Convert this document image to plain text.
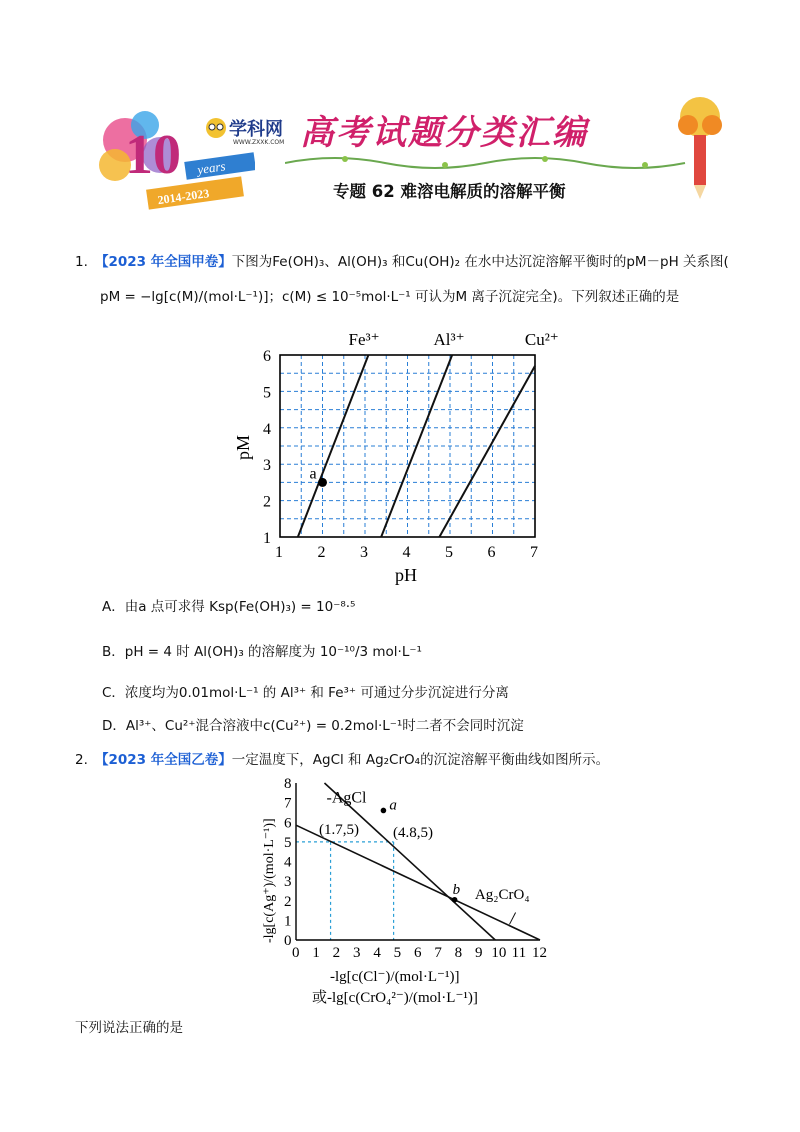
10 years
2014-2023
学科网
WWW.ZXXK.COM 高考试题分类汇编
专题 62 难溶电解质的溶解平衡
1. 【2023 年全国甲卷】下图为Fe(OH)₃、Al(OH)₃ 和Cu(OH)₂ 在水中达沉淀溶解平衡时的pM－pH 关系图(
pM = −lg[c(M)/(mol·L⁻¹)]；c(M) ≤ 10⁻⁵mol·L⁻¹ 可认为M 离子沉淀完全)。下列叙述正确的是
Fe³⁺	Al³⁺	Cu²⁺
a
1 2 3 4 5 6 7
1
2
3
4
5
6
pH
pM
A．由a 点可求得 Ksp(Fe(OH)₃) = 10⁻⁸·⁵
B．pH = 4 时 Al(OH)₃ 的溶解度为 10⁻¹⁰/3 mol·L⁻¹
C．浓度均为0.01mol·L⁻¹ 的 Al³⁺ 和 Fe³⁺ 可通过分步沉淀进行分离
D．Al³⁺、Cu²⁺混合溶液中c(Cu²⁺) = 0.2mol·L⁻¹时二者不会同时沉淀
2. 【2023 年全国乙卷】一定温度下，AgCl 和 Ag₂CrO₄的沉淀溶解平衡曲线如图所示。
-AgCl
Ag₂CrO₄
a
b
0 1 2 3 4 5 6 7 8 9 10 11 12
0
1
2
3
4
5
6
7
8
(1.7,5) (4.8,5)
-lg[c(Cl⁻)/(mol·L⁻¹)]
或-lg[c(CrO₄²⁻)/(mol·L⁻¹)]
-lg[c(Ag⁺)/(mol·L⁻¹)]
下列说法正确的是
